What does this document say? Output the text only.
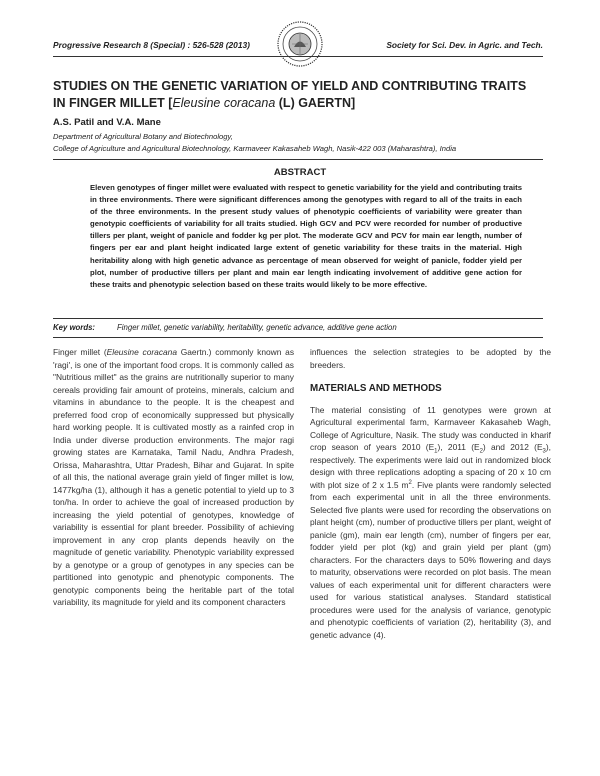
Progressive Research 8 (Special) : 526-528 (2013)	Society for Sci. Dev. in Agric. and Tech.
STUDIES ON THE GENETIC VARIATION OF YIELD AND CONTRIBUTING TRAITS
IN FINGER MILLET [Eleusine coracana (L) GAERTN]
A.S. Patil and V.A. Mane
Department of Agricultural Botany and Biotechnology,
College of Agriculture and Agricultural Biotechnology, Karmaveer Kakasaheb Wagh, Nasik-422 003 (Maharashtra), India
ABSTRACT

Eleven genotypes of finger millet were evaluated with respect to genetic variability for the yield and contributing traits in three environments. There were significant differences among the genotypes with regard to all of the traits in each of the three environments. In the present study values of phenotypic coefficients of variability were greater than genotypic coefficients of variability for all traits studied. High GCV and PCV were recorded for number of productive tillers per plant, weight of panicle and fodder kg per plot. The moderate GCV and PCV for main ear length, number of fingers per ear and plant height indicated large extent of genetic variability for these traits in the material. High heritability along with high genetic advance as percentage of mean observed for weight of panicle, fodder yield per plot, number of productive tillers per plant and main ear length indicating involvement of additive gene action for these traits and phenotypic selection based on these traits would likely to be more effective.

Key words:	Finger millet, genetic variability, heritability, genetic advance, additive gene action

Finger millet (Eleusine coracana Gaertn.) commonly known as 'ragi', is one of the important food crops. It is commonly called as "Nutritious millet" as the grains are nutritionally superior to many cereals providing fair amount of proteins, minerals, calcium and vitamins in abundance to the people. It is the cheapest and preferred food crop of economically suppressed but physically hard working people. It is cultivated mostly as a rainfed crop in India under diverse production environments. The major ragi growing states are Karnataka, Tamil Nadu, Andhra Pradesh, Orissa, Maharashtra, Uttar Pradesh, Bihar and Gujarat. In spite of all this, the national average grain yield of finger millet is low, 1477kg/ha (1), although it has a genetic potential to yield up to 3 ton/ha. In order to achieve the goal of increased production by increasing the yield potential of genotypes, knowledge of variability is essential for plant breeder. Possibility of achieving improvement in any crop plants depends heavily on the magnitude of genetic variability. Phenotypic variability expressed by a genotype or a group of genotypes in any species can be partitioned into genotypic and phenotypic components. The genotypic components being the heritable part of the total variability, its magnitude for yield and its component characters

influences the selection strategies to be adopted by the breeders.

MATERIALS AND METHODS

The material consisting of 11 genotypes were grown at Agricultural experimental farm, Karmaveer Kakasaheb Wagh, College of Agriculture, Nasik. The study was conducted in kharif crop season of years 2010 $(E_1)$, 2011 $(E_2)$ and 2012 $(E_3)$, respectively. The experiments were laid out in randomized block design with three replications adopting a spacing of 20 x 10 cm with plot size of 2 x 1.5 $m^2$. Five plants were randomly selected from each experimental unit in all the three environments. Selected five plants were used for recording the observations on plant height (cm), number of productive tillers per plant, weight of panicle (gm), main ear length (cm), number of fingers per ear, fodder yield per plot (kg) and grain yield per plant (gm) characters. For the characters days to 50% flowering and days to maturity, observations were recorded on plot basis. The mean values of each experimental unit for different characters were used for various statistical analyses. Standard statistical procedures were used for the analysis of variance, genotypic and phenotypic coefficients of variation (2), heritability (3), and genetic advance (4).
